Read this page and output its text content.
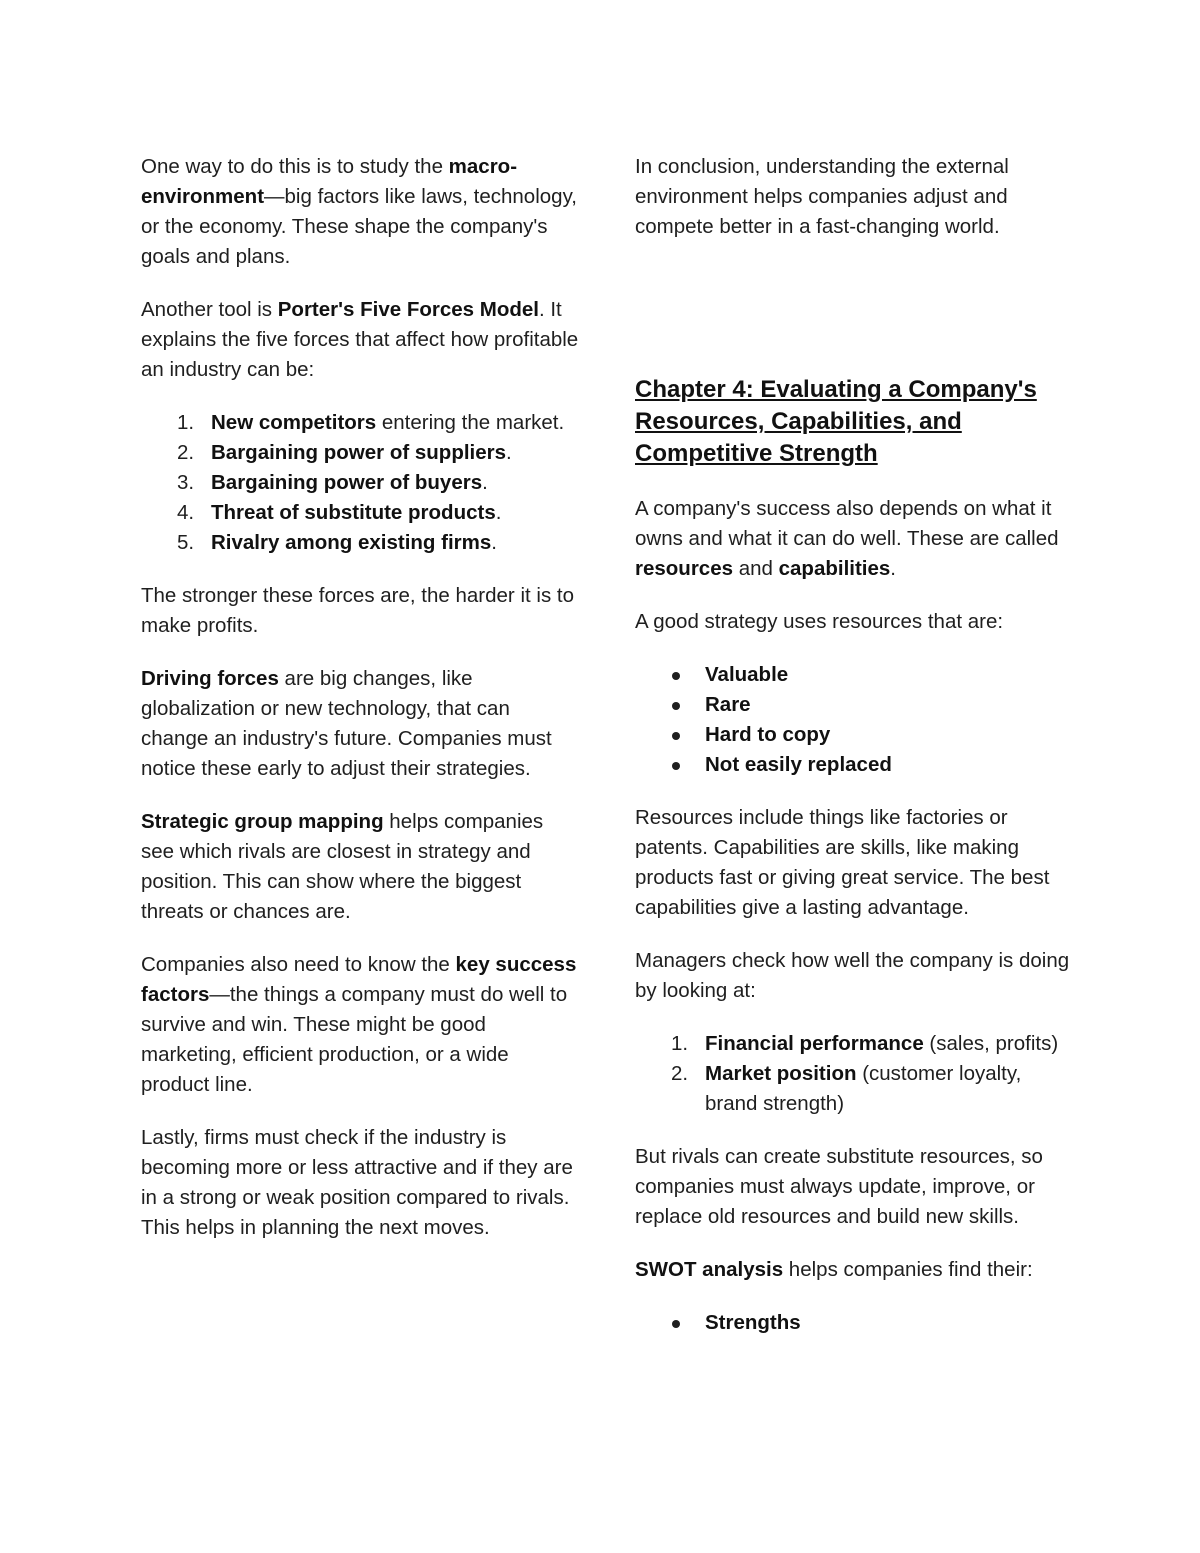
One way to do this is to study the macro-environment—big factors like laws, technology, or the economy. These shape the company's goals and plans.

Another tool is Porter's Five Forces Model. It explains the five forces that affect how profitable an industry can be:

1. New competitors entering the market.
2. Bargaining power of suppliers.
3. Bargaining power of buyers.
4. Threat of substitute products.
5. Rivalry among existing firms.

The stronger these forces are, the harder it is to make profits.

Driving forces are big changes, like globalization or new technology, that can change an industry's future. Companies must notice these early to adjust their strategies.

Strategic group mapping helps companies see which rivals are closest in strategy and position. This can show where the biggest threats or chances are.

Companies also need to know the key success factors—the things a company must do well to survive and win. These might be good marketing, efficient production, or a wide product line.

Lastly, firms must check if the industry is becoming more or less attractive and if they are in a strong or weak position compared to rivals. This helps in planning the next moves.

In conclusion, understanding the external environment helps companies adjust and compete better in a fast-changing world.

Chapter 4: Evaluating a Company's Resources, Capabilities, and Competitive Strength

A company's success also depends on what it owns and what it can do well. These are called resources and capabilities.

A good strategy uses resources that are:

Valuable
Rare
Hard to copy
Not easily replaced

Resources include things like factories or patents. Capabilities are skills, like making products fast or giving great service. The best capabilities give a lasting advantage.

Managers check how well the company is doing by looking at:

1. Financial performance (sales, profits)
2. Market position (customer loyalty, brand strength)

But rivals can create substitute resources, so companies must always update, improve, or replace old resources and build new skills.

SWOT analysis helps companies find their:

Strengths
